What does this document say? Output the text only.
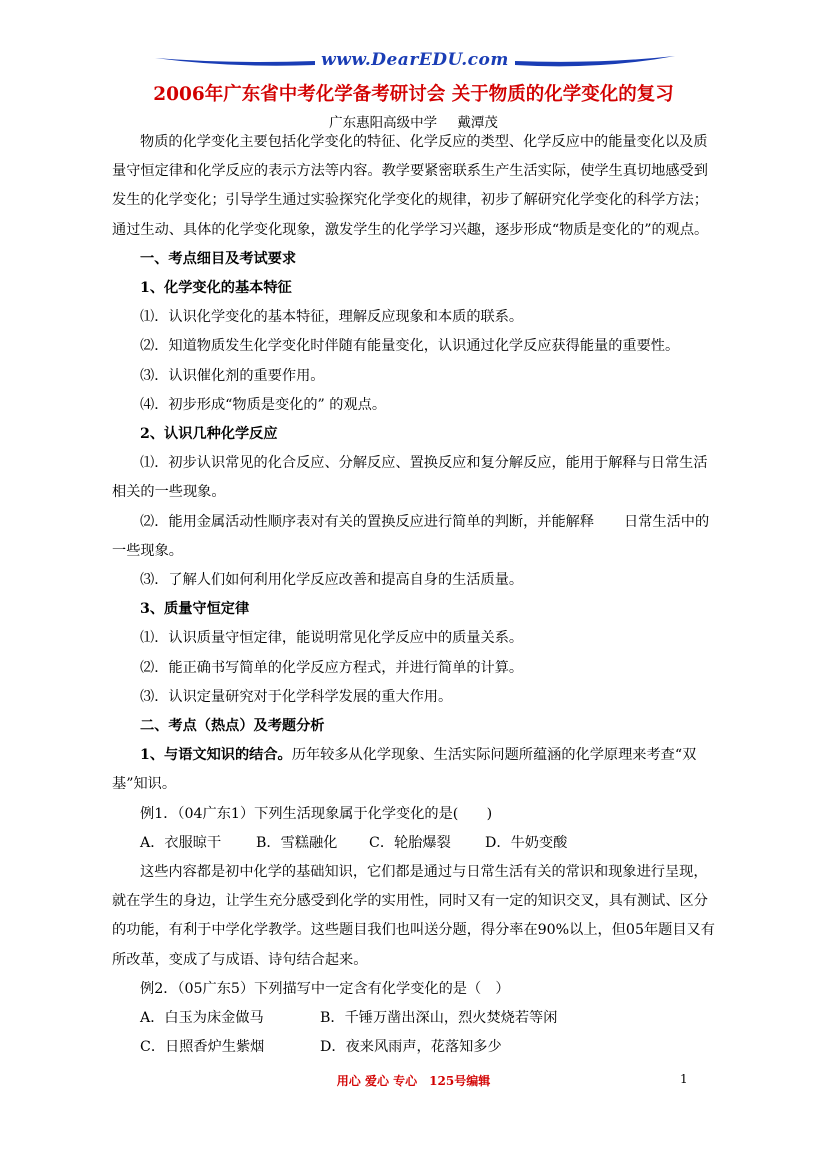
www.DearEDU.com
2006年广东省中考化学备考研讨会 关于物质的化学变化的复习
广东惠阳高级中学 戴潭茂

物质的化学变化主要包括化学变化的特征、化学反应的类型、化学反应中的能量变化以及质量守恒定律和化学反应的表示方法等内容。教学要紧密联系生产生活实际，使学生真切地感受到发生的化学变化；引导学生通过实验探究化学变化的规律，初步了解研究化学变化的科学方法；通过生动、具体的化学变化现象，激发学生的化学学习兴趣，逐步形成“物质是变化的”的观点。

一、考点细目及考试要求

1、化学变化的基本特征

⑴．认识化学变化的基本特征，理解反应现象和本质的联系。

⑵．知道物质发生化学变化时伴随有能量变化，认识通过化学反应获得能量的重要性。

⑶．认识催化剂的重要作用。

⑷．初步形成“物质是变化的” 的观点。

2、认识几种化学反应

⑴．初步认识常见的化合反应、分解反应、置换反应和复分解反应，能用于解释与日常生活相关的一些现象。

⑵．能用金属活动性顺序表对有关的置换反应进行简单的判断，并能解释 日常生活中的一些现象。

⑶．了解人们如何利用化学反应改善和提高自身的生活质量。

3、质量守恒定律

⑴．认识质量守恒定律，能说明常见化学反应中的质量关系。

⑵．能正确书写简单的化学反应方程式，并进行简单的计算。

⑶．认识定量研究对于化学科学发展的重大作用。

二、考点（热点）及考题分析

1、与语文知识的结合。历年较多从化学现象、生活实际问题所蕴涵的化学原理来考查“双基”知识。

例1．（04广东1）下列生活现象属于化学变化的是(　　)

A．衣服晾干 B．雪糕融化 C．轮胎爆裂 D．牛奶变酸

这些内容都是初中化学的基础知识，它们都是通过与日常生活有关的常识和现象进行呈现，就在学生的身边，让学生充分感受到化学的实用性，同时又有一定的知识交叉，具有测试、区分的功能，有利于中学化学教学。这些题目我们也叫送分题，得分率在90%以上，但05年题目又有所改革，变成了与成语、诗句结合起来。

例2．（05广东5）下列描写中一定含有化学变化的是（　）

A．白玉为床金做马	B．千锤万凿出深山，烈火焚烧若等闲

C．日照香炉生紫烟	D．夜来风雨声，花落知多少

用心 爱心 专心　125号编辑	1
